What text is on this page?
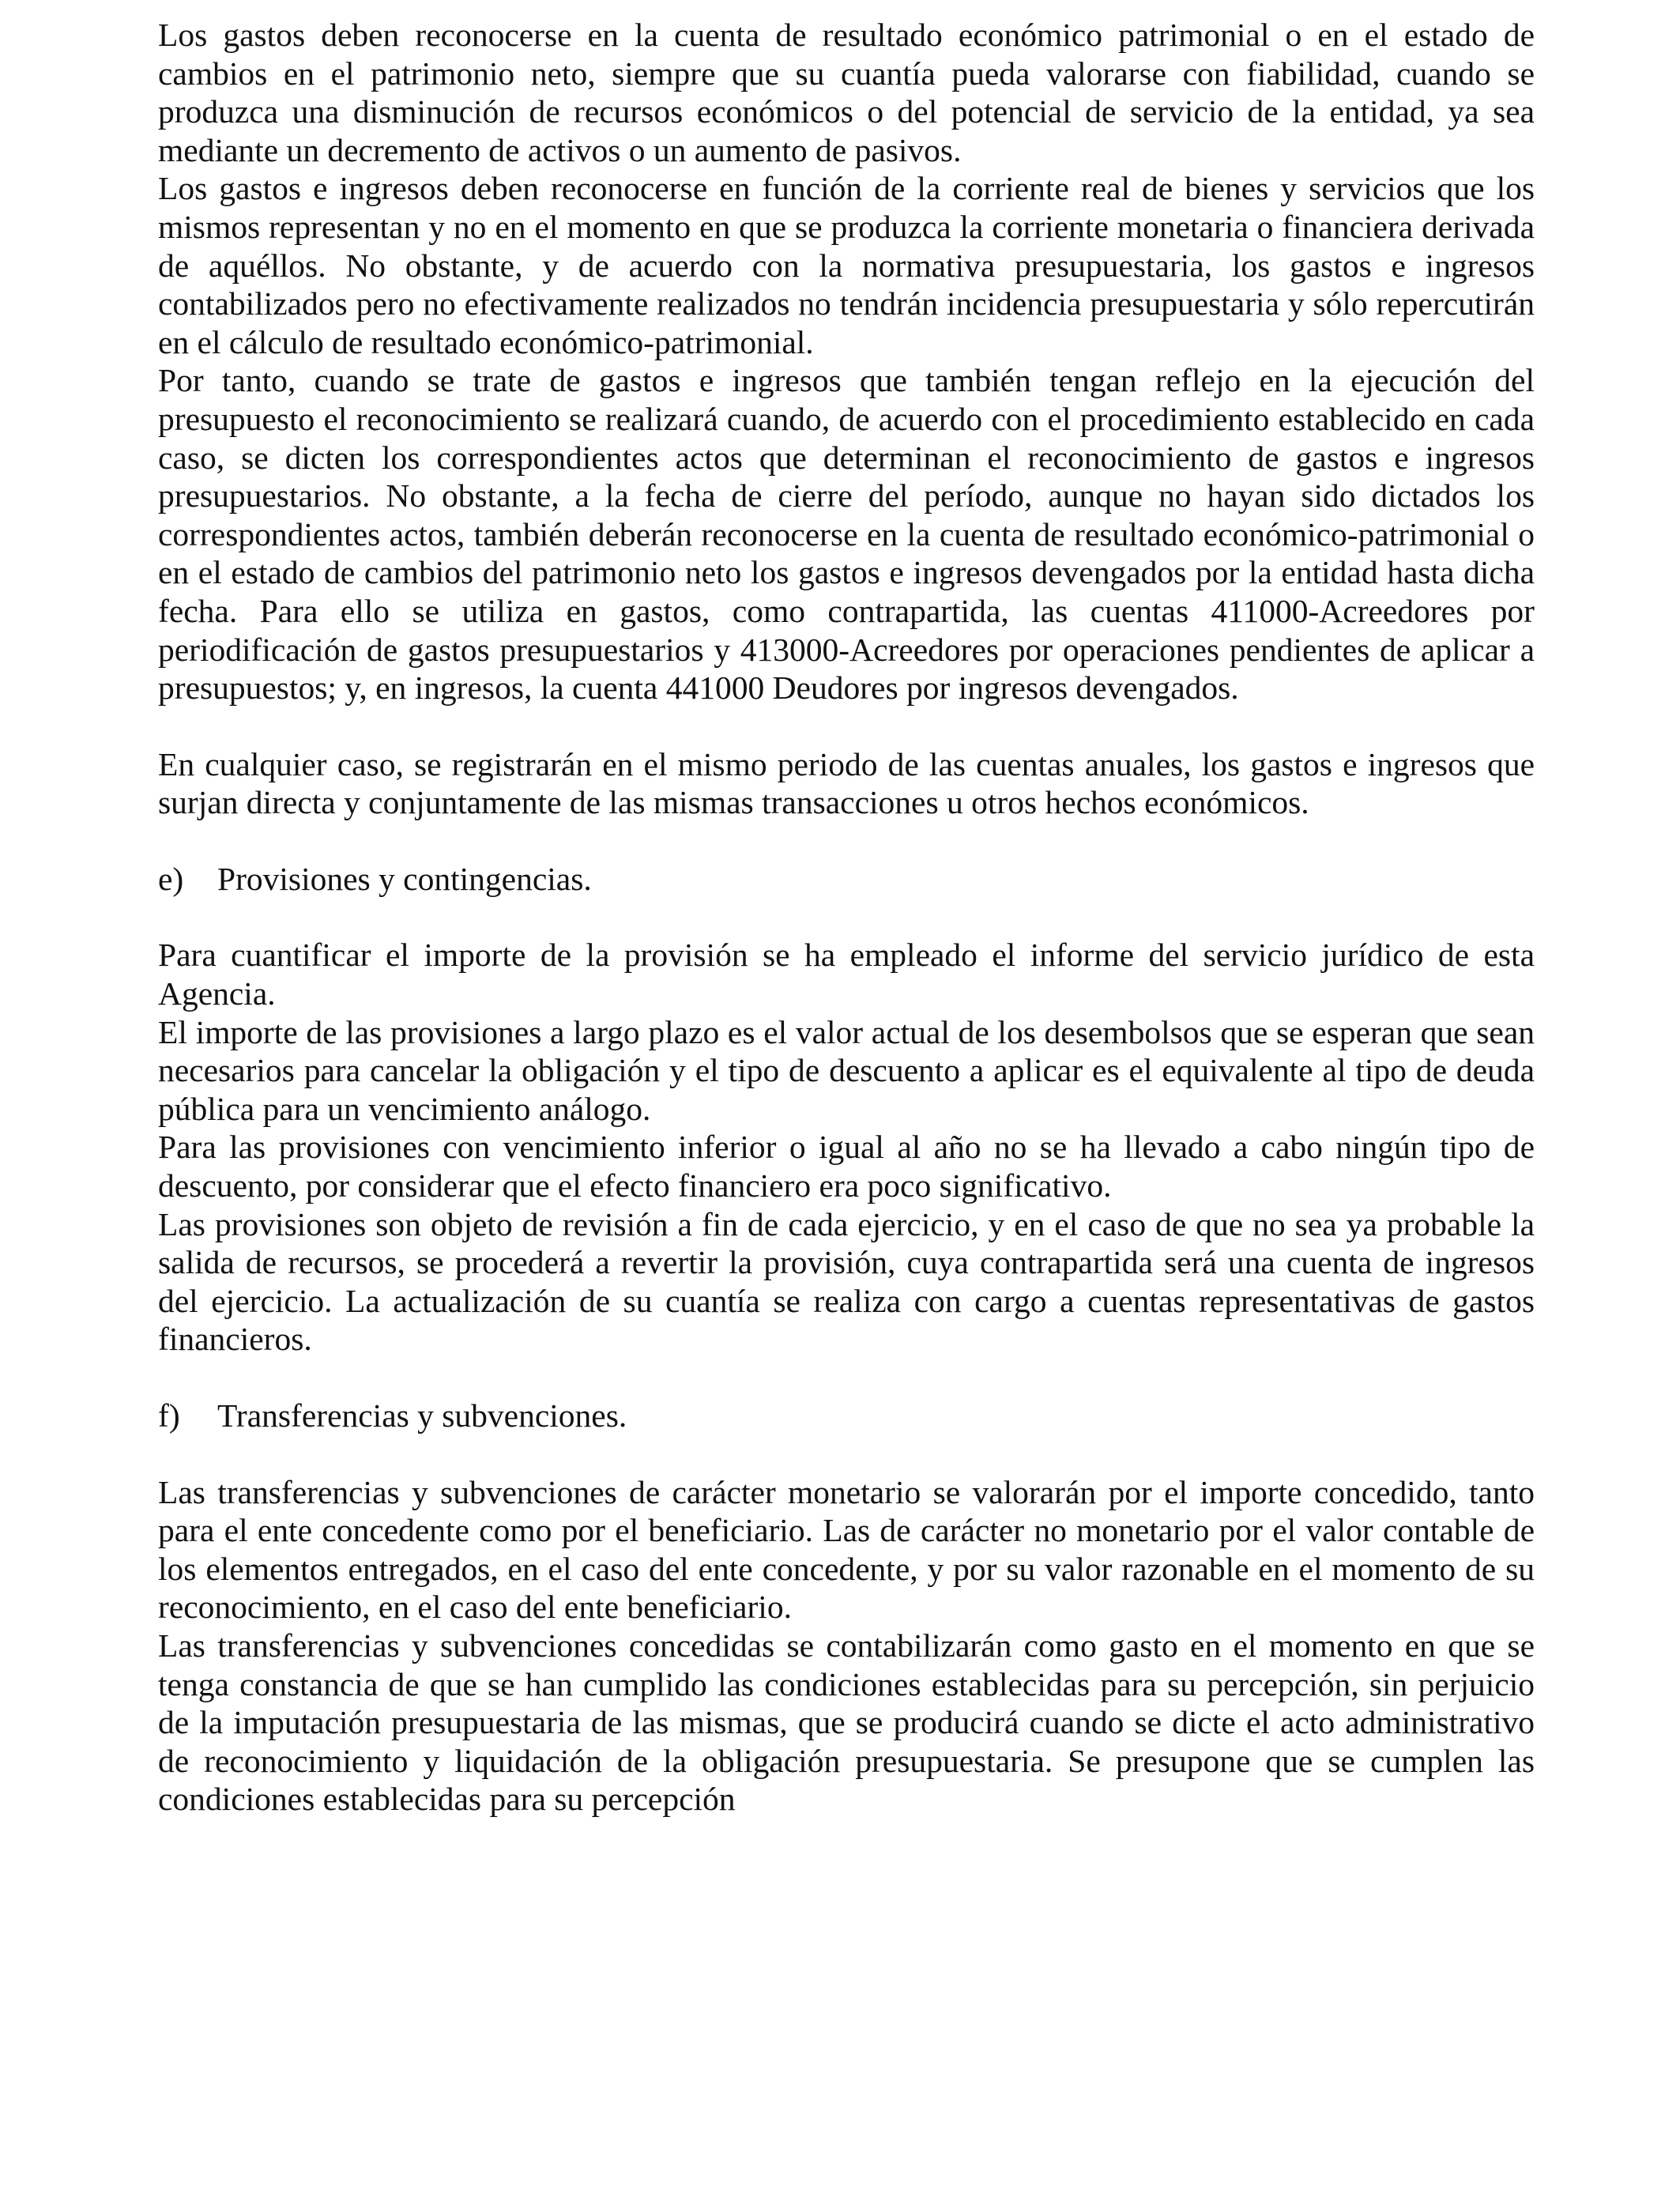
Los gastos deben reconocerse en la cuenta de resultado económico patrimonial o en el estado de cambios en el patrimonio neto, siempre que su cuantía pueda valorarse con fiabilidad, cuando se produzca una disminución de recursos económicos o del potencial de servicio de la entidad, ya sea mediante un decremento de activos o un aumento de pasivos.

Los gastos e ingresos deben reconocerse en función de la corriente real de bienes y servicios que los mismos representan y no en el momento en que se produzca la corriente monetaria o financiera derivada de aquéllos. No obstante, y de acuerdo con la normativa presupuestaria, los gastos e ingresos contabilizados pero no efectivamente realizados no tendrán incidencia presupuestaria y sólo repercutirán en el cálculo de resultado económico-patrimonial.

Por tanto, cuando se trate de gastos e ingresos que también tengan reflejo en la ejecución del presupuesto el reconocimiento se realizará cuando, de acuerdo con el procedimiento establecido en cada caso, se dicten los correspondientes actos que determinan el reconocimiento de gastos e ingresos presupuestarios. No obstante, a la fecha de cierre del período, aunque no hayan sido dictados los correspondientes actos, también deberán reconocerse en la cuenta de resultado económico-patrimonial o en el estado de cambios del patrimonio neto los gastos e ingresos devengados por la entidad hasta dicha fecha. Para ello se utiliza en gastos, como contrapartida, las cuentas 411000-Acreedores por periodificación de gastos presupuestarios y 413000-Acreedores por operaciones pendientes de aplicar a presupuestos; y, en ingresos, la cuenta 441000 Deudores por ingresos devengados.

En cualquier caso, se registrarán en el mismo periodo de las cuentas anuales, los gastos e ingresos que surjan directa y conjuntamente de las mismas transacciones u otros hechos económicos.

e)	Provisiones y contingencias.

Para cuantificar el importe de la provisión se ha empleado el informe del servicio jurídico de esta Agencia.

El importe de las provisiones a largo plazo es el valor actual de los desembolsos que se esperan que sean necesarios para cancelar la obligación y el tipo de descuento a aplicar es el equivalente al tipo de deuda pública para un vencimiento análogo.

Para las provisiones con vencimiento inferior o igual al año no se ha llevado a cabo ningún tipo de descuento, por considerar que el efecto financiero era poco significativo.

Las provisiones son objeto de revisión a fin de cada ejercicio, y en el caso de que no sea ya probable la salida de recursos, se procederá a revertir la provisión, cuya contrapartida será una cuenta de ingresos del ejercicio. La actualización de su cuantía se realiza con cargo a cuentas representativas de gastos financieros.

f)	Transferencias y subvenciones.

Las transferencias y subvenciones de carácter monetario se valorarán por el importe concedido, tanto para el ente concedente como por el beneficiario. Las de carácter no monetario por el valor contable de los elementos entregados, en el caso del ente concedente, y por su valor razonable en el momento de su reconocimiento, en el caso del ente beneficiario.

Las transferencias y subvenciones concedidas se contabilizarán como gasto en el momento en que se tenga constancia de que se han cumplido las condiciones establecidas para su percepción, sin perjuicio de la imputación presupuestaria de las mismas, que se producirá cuando se dicte el acto administrativo de reconocimiento y liquidación de la obligación presupuestaria. Se presupone que se cumplen las condiciones establecidas para su percepción
